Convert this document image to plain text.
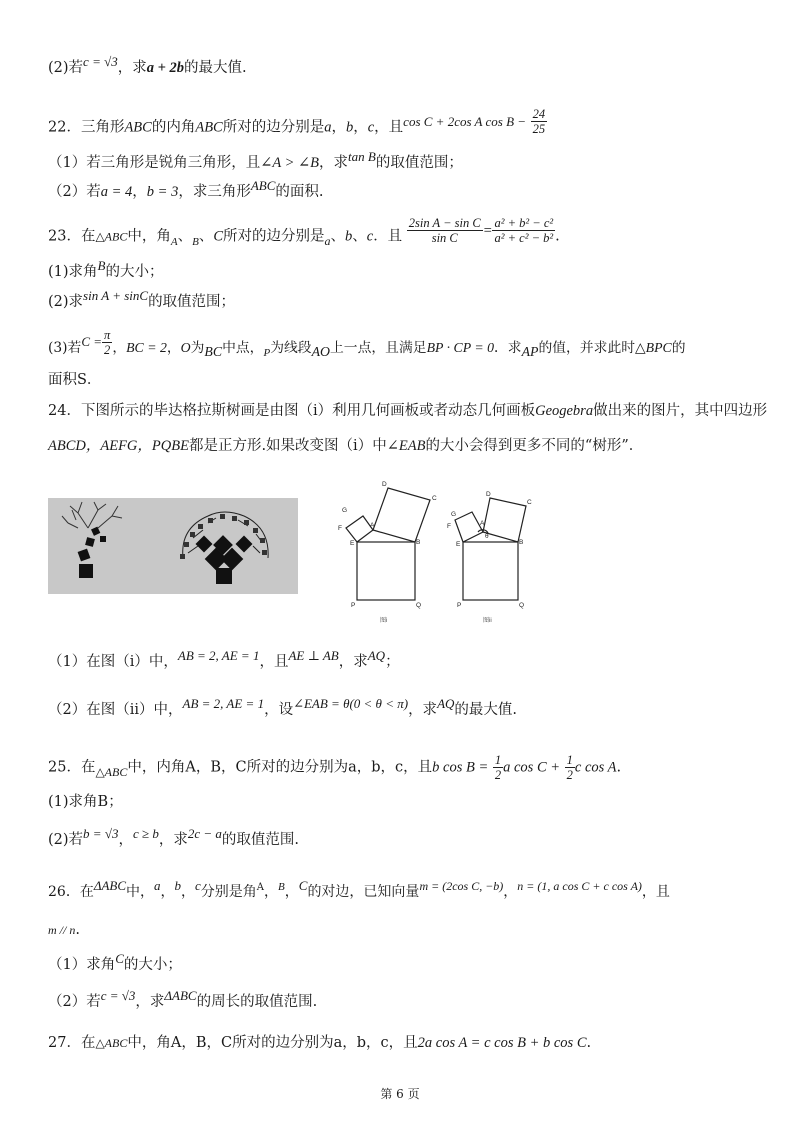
(2)若c = √3，求a + 2b的最大值.
22．三角形ABC的内角ABC所对的边分别是a，b，c，且cos C + 2cos A $\cos B - \frac{24}{25}$
（1）若三角形是锐角三角形，且∠A > ∠B，求tan B的取值范围；
（2）若a = 4，b = 3，求三角形ABC的面积.
23．在△ABC中，角$_A$、$_B$、C所对的边分别是$_a$、b、c．且 $\frac{\text{2sin A − sin C}}{\text{sin C}} = \frac{\text{a² + b² − c²}}{\text{a² + c² − b²}}$ .
(1)求角B的大小；
(2)求sin A + sinC的取值范围；
(3)若$C = \frac{\pi}{2}$ ，BC = 2，O为BC中点，$_P$为线段AO上一点，且满足BP · CP = 0．求AP的值，并求此时△BPC的
面积S．
24．下图所示的毕达格拉斯树画是由图（i）利用几何画板或者动态几何画板Geogebra做出来的图片，其中四边形
ABCD，AEFG，PQBE都是正方形.如果改变图（i）中∠EAB的大小会得到更多不同的“树形”．
G
A
D
C
F
E	B
P	Q
G
A
D
C
F
E
θ
B
P	Q
图i	图ii
（1）在图（i）中，AB = 2, AE = 1，且AE ⊥ AB，求AQ；
（2）在图（ii）中，AB = 2, AE = 1，设∠EAB = θ(0 < θ < π)，求AQ的最大值.
25．在$_{\triangle ABC}$中，内角A，B，C所对的边分别为a，b，c，且b $\cos B = \frac{1}{2}$ a $\cos C + \frac{1}{2}$ c cos A.
(1)求角B；
(2)若b = √3，c ≥ b，求2c − a的取值范围.
26．在ΔABC中，a，b，c分别是角$^A$，$^B$，C的对边，已知向量m = (2cos C, −b)，n = (1, a cos C + c cos A)，且
m // n.
（1）求角C的大小；
（2）若c = √3，求ΔABC的周长的取值范围.
27．在△ABC中，角A，B，C所对的边分别为a，b，c，且2a cos A = c cos B + b cos C.
第 6 页
